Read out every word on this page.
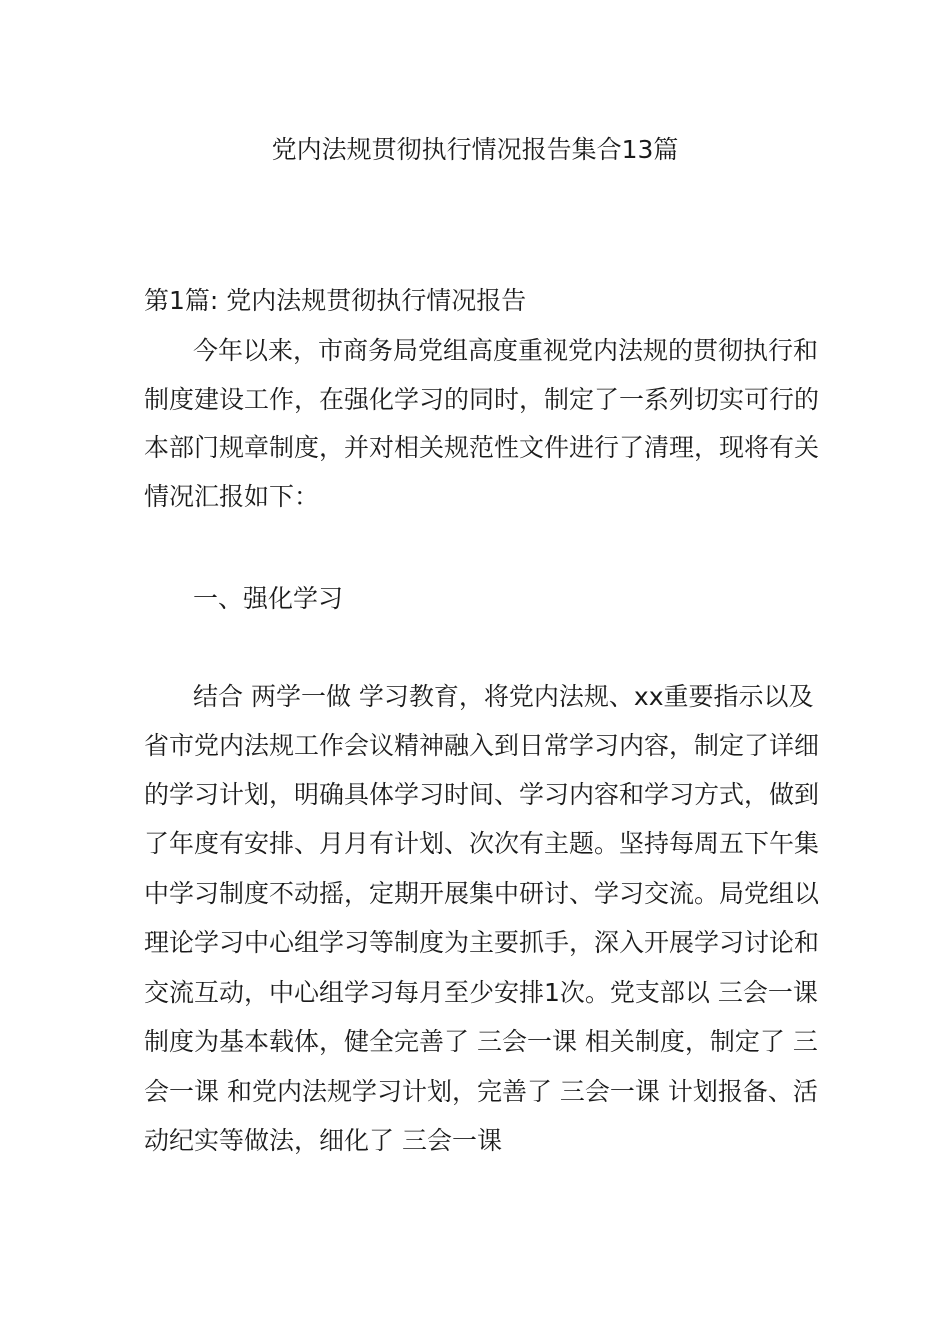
党内法规贯彻执行情况报告集合13篇

第1篇: 党内法规贯彻执行情况报告

今年以来，市商务局党组高度重视党内法规的贯彻执行和

制度建设工作，在强化学习的同时，制定了一系列切实可行的

本部门规章制度，并对相关规范性文件进行了清理，现将有关

情况汇报如下：

一、强化学习

结合 两学一做 学习教育，将党内法规、xx重要指示以及

省市党内法规工作会议精神融入到日常学习内容，制定了详细

的学习计划，明确具体学习时间、学习内容和学习方式，做到

了年度有安排、月月有计划、次次有主题。坚持每周五下午集

中学习制度不动摇，定期开展集中研讨、学习交流。局党组以

理论学习中心组学习等制度为主要抓手，深入开展学习讨论和

交流互动，中心组学习每月至少安排1次。党支部以 三会一课

制度为基本载体，健全完善了 三会一课 相关制度，制定了 三

会一课 和党内法规学习计划，完善了 三会一课 计划报备、活

动纪实等做法，细化了 三会一课
